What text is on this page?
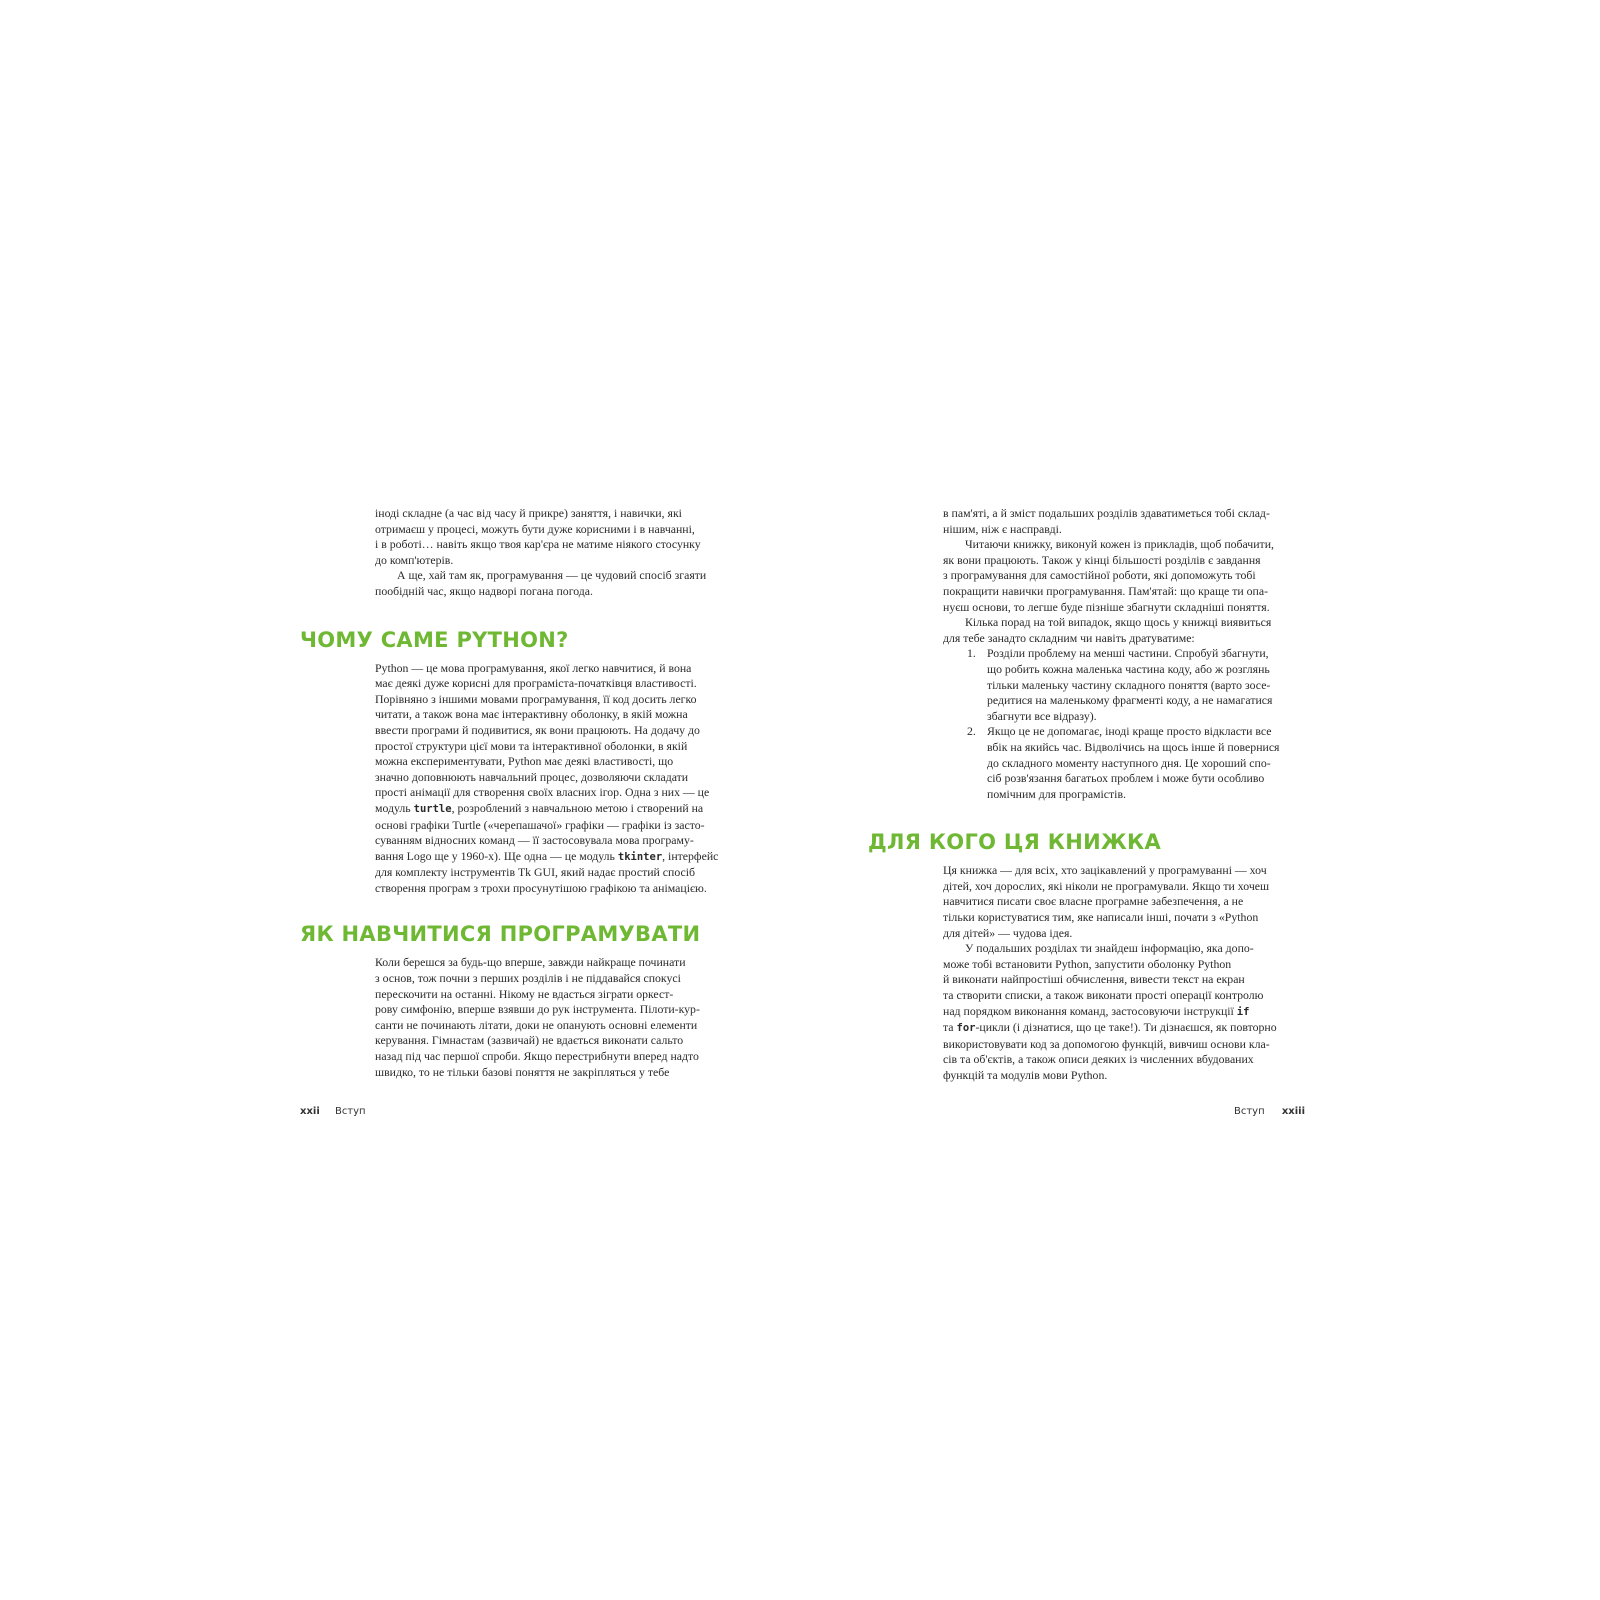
іноді складне (а час від часу й прикре) заняття, і навички, які
отримаєш у процесі, можуть бути дуже корисними і в навчанні,
і в роботі… навіть якщо твоя кар'єра не матиме ніякого стосунку
до комп'ютерів.

А ще, хай там як, програмування — це чудовий спосіб згаяти
пообідній час, якщо надворі погана погода.

ЧОМУ САМЕ PYTHON?

Python — це мова програмування, якої легко навчитися, й вона
має деякі дуже корисні для програміста-початківця властивості.
Порівняно з іншими мовами програмування, її код досить легко
читати, а також вона має інтерактивну оболонку, в якій можна
ввести програми й подивитися, як вони працюють. На додачу до
простої структури цієї мови та інтерактивної оболонки, в якій
можна експериментувати, Python має деякі властивості, що
значно доповнюють навчальний процес, дозволяючи складати
прості анімації для створення своїх власних ігор. Одна з них — це
модуль turtle, розроблений з навчальною метою і створений на
основі графіки Turtle («черепашачої» графіки — графіки із засто-
суванням відносних команд — її застосовувала мова програму-
вання Logo ще у 1960-х). Ще одна — це модуль tkinter, інтерфейс
для комплекту інструментів Tk GUI, який надає простий спосіб
створення програм з трохи просунутішою графікою та анімацією.

ЯК НАВЧИТИСЯ ПРОГРАМУВАТИ

Коли берешся за будь-що вперше, завжди найкраще починати
з основ, тож почни з перших розділів і не піддавайся спокусі
перескочити на останні. Нікому не вдасться зіграти оркест-
рову симфонію, вперше взявши до рук інструмента. Пілоти-кур-
санти не починають літати, доки не опанують основні елементи
керування. Гімнастам (зазвичай) не вдається виконати сальто
назад під час першої спроби. Якщо перестрибнути вперед надто
швидко, то не тільки базові поняття не закріпляться у тебе

xxii Вступ

в пам'яті, а й зміст подальших розділів здаватиметься тобі склад-
нішим, ніж є насправді.

Читаючи книжку, виконуй кожен із прикладів, щоб побачити,
як вони працюють. Також у кінці більшості розділів є завдання
з програмування для самостійної роботи, які допоможуть тобі
покращити навички програмування. Пам'ятай: що краще ти опа-
нуєш основи, то легше буде пізніше збагнути складніші поняття.

Кілька порад на той випадок, якщо щось у книжці виявиться
для тебе занадто складним чи навіть дратуватиме:

1. Розділи проблему на менші частини. Спробуй збагнути,
що робить кожна маленька частина коду, або ж розглянь
тільки маленьку частину складного поняття (варто зосе-
редитися на маленькому фрагменті коду, а не намагатися
збагнути все відразу).
2. Якщо це не допомагає, іноді краще просто відкласти все
вбік на якийсь час. Відволічись на щось інше й повернися
до складного моменту наступного дня. Це хороший спо-
сіб розв'язання багатьох проблем і може бути особливо
помічним для програмістів.
ДЛЯ КОГО ЦЯ КНИЖКА

Ця книжка — для всіх, хто зацікавлений у програмуванні — хоч
дітей, хоч дорослих, які ніколи не програмували. Якщо ти хочеш
навчитися писати своє власне програмне забезпечення, а не
тільки користуватися тим, яке написали інші, почати з «Python
для дітей» — чудова ідея.

У подальших розділах ти знайдеш інформацію, яка допо-
може тобі встановити Python, запустити оболонку Python
й виконати найпростіші обчислення, вивести текст на екран
та створити списки, а також виконати прості операції контролю
над порядком виконання команд, застосовуючи інструкції if
та for-цикли (і дізнатися, що це таке!). Ти дізнаєшся, як повторно
використовувати код за допомогою функцій, вивчиш основи кла-
сів та об'єктів, а також описи деяких із численних вбудованих
функцій та модулів мови Python.

Вступ xxiii
